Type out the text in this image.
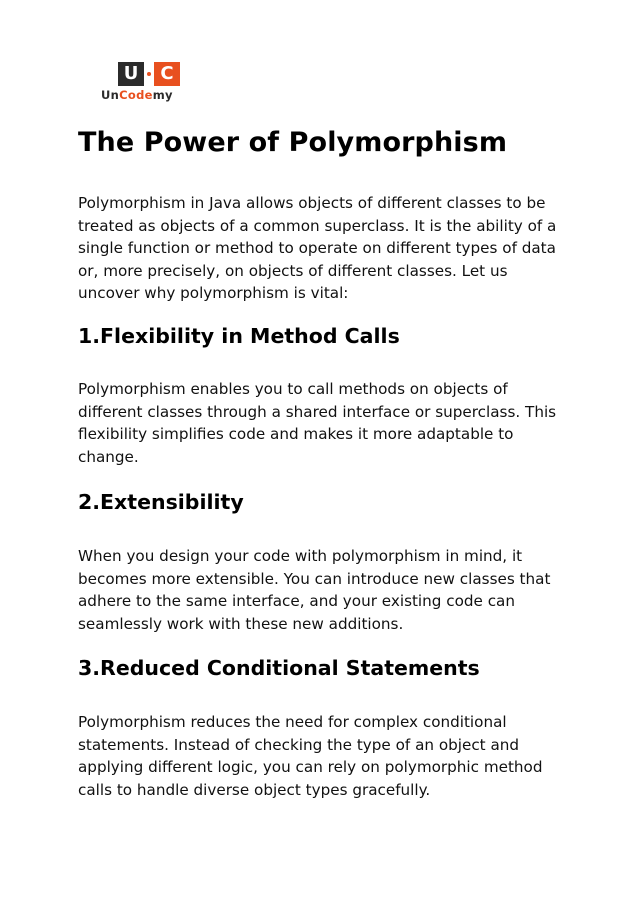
U	C
UnCodemy
The Power of Polymorphism

Polymorphism in Java allows objects of different classes to be
treated as objects of a common superclass. It is the ability of a
single function or method to operate on different types of data
or, more precisely, on objects of different classes. Let us
uncover why polymorphism is vital:

1.Flexibility in Method Calls

Polymorphism enables you to call methods on objects of
different classes through a shared interface or superclass. This
flexibility simplifies code and makes it more adaptable to
change.

2.Extensibility

When you design your code with polymorphism in mind, it
becomes more extensible. You can introduce new classes that
adhere to the same interface, and your existing code can
seamlessly work with these new additions.

3.Reduced Conditional Statements

Polymorphism reduces the need for complex conditional
statements. Instead of checking the type of an object and
applying different logic, you can rely on polymorphic method
calls to handle diverse object types gracefully.
